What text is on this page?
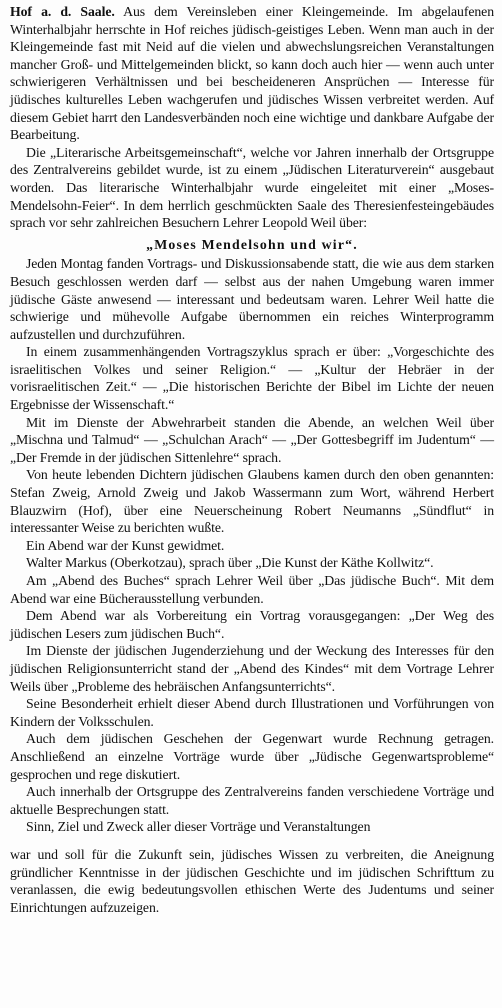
Hof a. d. Saale. Aus dem Vereinsleben einer Kleingemeinde. Im abgelaufenen Winterhalbjahr herrschte in Hof reiches jüdisch-geistiges Leben. Wenn man auch in der Kleingemeinde fast mit Neid auf die vielen und abwechslungsreichen Veranstaltungen mancher Groß- und Mittelgemeinden blickt, so kann doch auch hier — wenn auch unter schwierigeren Verhältnissen und bei bescheideneren Ansprüchen — Interesse für jüdisches kulturelles Leben wachgerufen und jüdisches Wissen verbreitet werden. Auf diesem Gebiet harrt den Landesverbänden noch eine wichtige und dankbare Aufgabe der Bearbeitung.

Die „Literarische Arbeitsgemeinschaft“, welche vor Jahren innerhalb der Ortsgruppe des Zentralvereins gebildet wurde, ist zu einem „Jüdischen Literaturverein“ ausgebaut worden. Das literarische Winterhalbjahr wurde eingeleitet mit einer „Moses-Mendelsohn-Feier“. In dem herrlich geschmückten Saale des Theresienfesteingebäudes sprach vor sehr zahlreichen Besuchern Lehrer Leopold Weil über:

„Moses Mendelsohn und wir“.

Jeden Montag fanden Vortrags- und Diskussionsabende statt, die wie aus dem starken Besuch geschlossen werden darf — selbst aus der nahen Umgebung waren immer jüdische Gäste anwesend — interessant und bedeutsam waren. Lehrer Weil hatte die schwierige und mühevolle Aufgabe übernommen ein reiches Winterprogramm aufzustellen und durchzuführen.

In einem zusammenhängenden Vortragszyklus sprach er über: „Vorgeschichte des israelitischen Volkes und seiner Religion.“ — „Kultur der Hebräer in der vorisraelitischen Zeit.“ — „Die historischen Berichte der Bibel im Lichte der neuen Ergebnisse der Wissenschaft.“

Mit im Dienste der Abwehrarbeit standen die Abende, an welchen Weil über „Mischna und Talmud“ — „Schulchan Arach“ — „Der Gottesbegriff im Judentum“ — „Der Fremde in der jüdischen Sittenlehre“ sprach.

Von heute lebenden Dichtern jüdischen Glaubens kamen durch den oben genannten: Stefan Zweig, Arnold Zweig und Jakob Wassermann zum Wort, während Herbert Blauzwirn (Hof), über eine Neuerscheinung Robert Neumanns „Sündflut“ in interessanter Weise zu berichten wußte.

Ein Abend war der Kunst gewidmet.

Walter Markus (Oberkotzau), sprach über „Die Kunst der Käthe Kollwitz“.

Am „Abend des Buches“ sprach Lehrer Weil über „Das jüdische Buch“. Mit dem Abend war eine Bücherausstellung verbunden.

Dem Abend war als Vorbereitung ein Vortrag vorausgegangen: „Der Weg des jüdischen Lesers zum jüdischen Buch“.

Im Dienste der jüdischen Jugenderziehung und der Weckung des Interesses für den jüdischen Religionsunterricht stand der „Abend des Kindes“ mit dem Vortrage Lehrer Weils über „Probleme des hebräischen Anfangsunterrichts“.

Seine Besonderheit erhielt dieser Abend durch Illustrationen und Vorführungen von Kindern der Volksschulen.

Auch dem jüdischen Geschehen der Gegenwart wurde Rechnung getragen. Anschließend an einzelne Vorträge wurde über „Jüdische Gegenwartsprobleme“ gesprochen und rege diskutiert.

Auch innerhalb der Ortsgruppe des Zentralvereins fanden verschiedene Vorträge und aktuelle Besprechungen statt.

Sinn, Ziel und Zweck aller dieser Vorträge und Veranstaltungen

war und soll für die Zukunft sein, jüdisches Wissen zu verbreiten, die Aneignung gründlicher Kenntnisse in der jüdischen Geschichte und im jüdischen Schrifttum zu veranlassen, die ewig bedeutungsvollen ethischen Werte des Judentums und seiner Einrichtungen aufzuzeigen.
